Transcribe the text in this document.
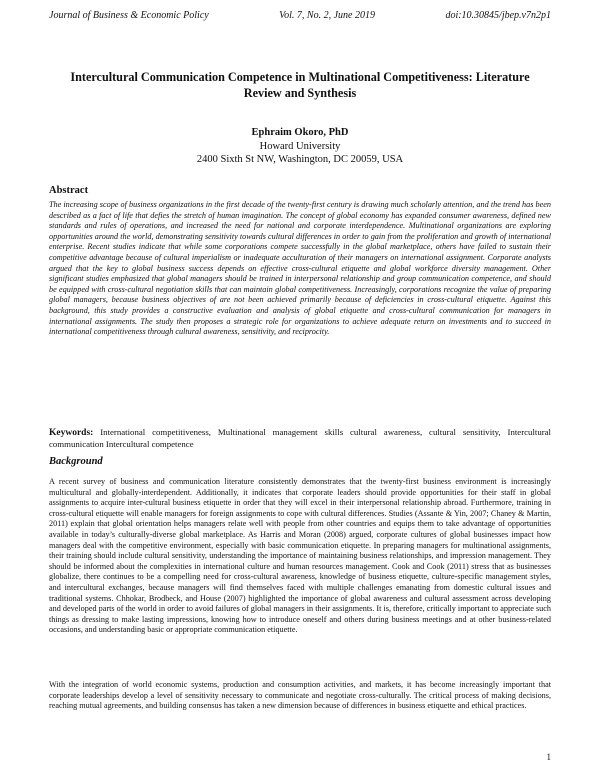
Journal of Business & Economic Policy	Vol. 7, No. 2, June 2019	doi:10.30845/jbep.v7n2p1
Intercultural Communication Competence in Multinational Competitiveness: Literature Review and Synthesis
Ephraim Okoro, PhD
Howard University
2400 Sixth St NW, Washington, DC 20059, USA
Abstract

The increasing scope of business organizations in the first decade of the twenty-first century is drawing much scholarly attention, and the trend has been described as a fact of life that defies the stretch of human imagination. The concept of global economy has expanded consumer awareness, defined new standards and rules of operations, and increased the need for national and corporate interdependence. Multinational organizations are exploring opportunities around the world, demonstrating sensitivity towards cultural differences in order to gain from the proliferation and growth of international enterprise. Recent studies indicate that while some corporations compete successfully in the global marketplace, others have failed to sustain their competitive advantage because of cultural imperialism or inadequate acculturation of their managers on international assignment. Corporate analysts argued that the key to global business success depends on effective cross-cultural etiquette and global workforce diversity management. Other significant studies emphasized that global managers should be trained in interpersonal relationship and group communication competence, and should be equipped with cross-cultural negotiation skills that can maintain global competitiveness. Increasingly, corporations recognize the value of preparing global managers, because business objectives of are not been achieved primarily because of deficiencies in cross-cultural etiquette. Against this background, this study provides a constructive evaluation and analysis of global etiquette and cross-cultural communication for managers in international assignments. The study then proposes a strategic role for organizations to achieve adequate return on investments and to succeed in international competitiveness through cultural awareness, sensitivity, and reciprocity.

Keywords: International competitiveness, Multinational management skills cultural awareness, cultural sensitivity, Intercultural communication Intercultural competence

Background

A recent survey of business and communication literature consistently demonstrates that the twenty-first business environment is increasingly multicultural and globally-interdependent. Additionally, it indicates that corporate leaders should provide opportunities for their staff in global assignments to acquire inter-cultural business etiquette in order that they will excel in their interpersonal relationship abroad. Furthermore, training in cross-cultural etiquette will enable managers for foreign assignments to cope with cultural differences. Studies (Assante & Yin, 2007; Chaney & Martin, 2011) explain that global orientation helps managers relate well with people from other countries and equips them to take advantage of opportunities available in today’s culturally-diverse global marketplace. As Harris and Moran (2008) argued, corporate cultures of global businesses impact how managers deal with the competitive environment, especially with basic communication etiquette. In preparing managers for multinational assignments, their training should include cultural sensitivity, understanding the importance of maintaining business relationships, and impression management. They should be informed about the complexities in international culture and human resources management. Cook and Cook (2011) stress that as businesses globalize, there continues to be a compelling need for cross-cultural awareness, knowledge of business etiquette, culture-specific management styles, and intercultural exchanges, because managers will find themselves faced with multiple challenges emanating from domestic cultural issues and traditional systems. Chhokar, Brodbeck, and House (2007) highlighted the importance of global awareness and cultural assessment across developing and developed parts of the world in order to avoid failures of global managers in their assignments. It is, therefore, critically important to appreciate such things as dressing to make lasting impressions, knowing how to introduce oneself and others during business meetings and at other business-related occasions, and understanding basic or appropriate communication etiquette.

With the integration of world economic systems, production and consumption activities, and markets, it has become increasingly important that corporate leaderships develop a level of sensitivity necessary to communicate and negotiate cross-culturally. The critical process of making decisions, reaching mutual agreements, and building consensus has taken a new dimension because of differences in business etiquette and ethical practices.

1
